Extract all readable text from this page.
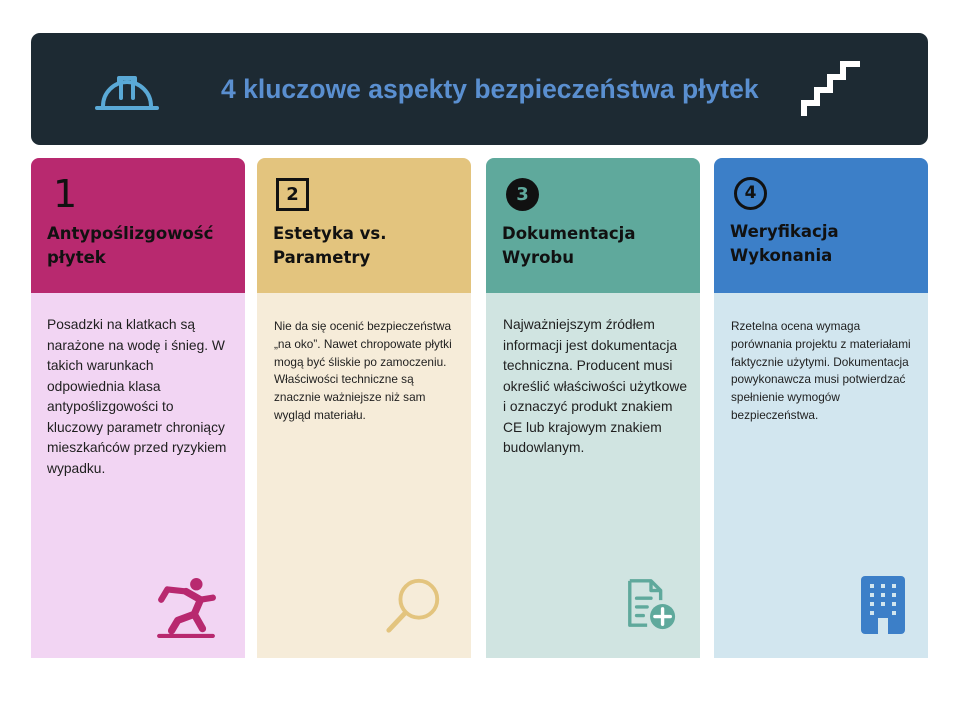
4 kluczowe aspekty bezpieczeństwa płytek
1
Antypoślizgowość płytek
Posadzki na klatkach są narażone na wodę i śnieg. W takich warunkach odpowiednia klasa antypoślizgowości to kluczowy parametr chroniący mieszkańców przed ryzykiem wypadku.
2
Estetyka vs. Parametry
Nie da się ocenić bezpieczeństwa „na oko”. Nawet chropowate płytki mogą być śliskie po zamoczeniu. Właściwości techniczne są znacznie ważniejsze niż sam wygląd materiału.
3
Dokumentacja Wyrobu
Najważniejszym źródłem informacji jest dokumentacja techniczna. Producent musi określić właściwości użytkowe i oznaczyć produkt znakiem CE lub krajowym znakiem budowlanym.
4
Weryfikacja Wykonania
Rzetelna ocena wymaga porównania projektu z materiałami faktycznie użytymi. Dokumentacja powykonawcza musi potwierdzać spełnienie wymogów bezpieczeństwa.
